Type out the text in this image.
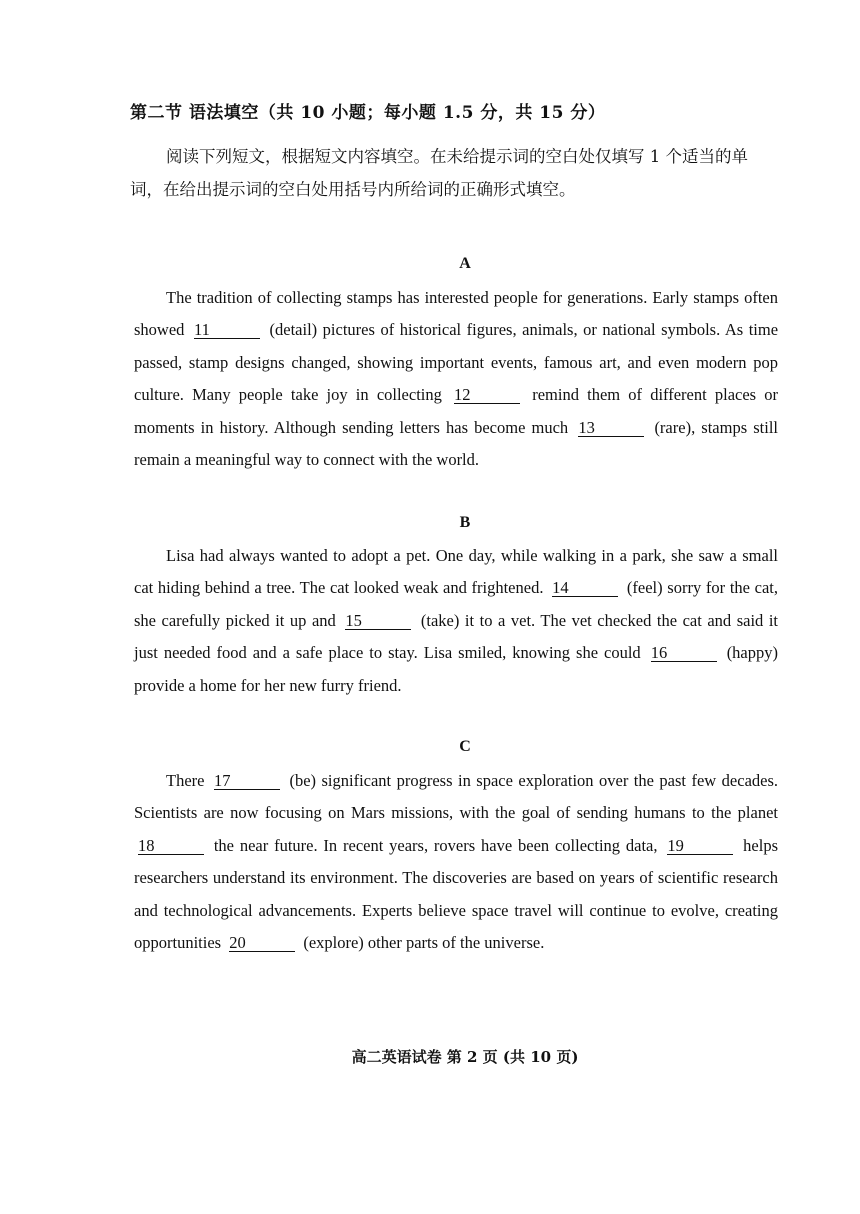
第二节 语法填空（共 10 小题；每小题 1.5 分，共 15 分）
阅读下列短文，根据短文内容填空。在未给提示词的空白处仅填写 1 个适当的单词，在给出提示词的空白处用括号内所给词的正确形式填空。
A
The tradition of collecting stamps has interested people for generations. Early stamps often showed 11	(detail) pictures of historical figures, animals, or national symbols. As time passed, stamp designs changed, showing important events, famous art, and even modern pop culture. Many people take joy in collecting 12	remind them of different places or moments in history. Although sending letters has become much 13	(rare), stamps still remain a meaningful way to connect with the world.
B
Lisa had always wanted to adopt a pet. One day, while walking in a park, she saw a small cat hiding behind a tree. The cat looked weak and frightened. 14	(feel) sorry for the cat, she carefully picked it up and 15	(take) it to a vet. The vet checked the cat and said it just needed food and a safe place to stay. Lisa smiled, knowing she could 16	(happy) provide a home for her new furry friend.
C
There 17	(be) significant progress in space exploration over the past few decades. Scientists are now focusing on Mars missions, with the goal of sending humans to the planet 18	the near future. In recent years, rovers have been collecting data, 19	helps researchers understand its environment. The discoveries are based on years of scientific research and technological advancements. Experts believe space travel will continue to evolve, creating opportunities 20	(explore) other parts of the universe.
高二英语试卷 第 2 页 (共 10 页)
